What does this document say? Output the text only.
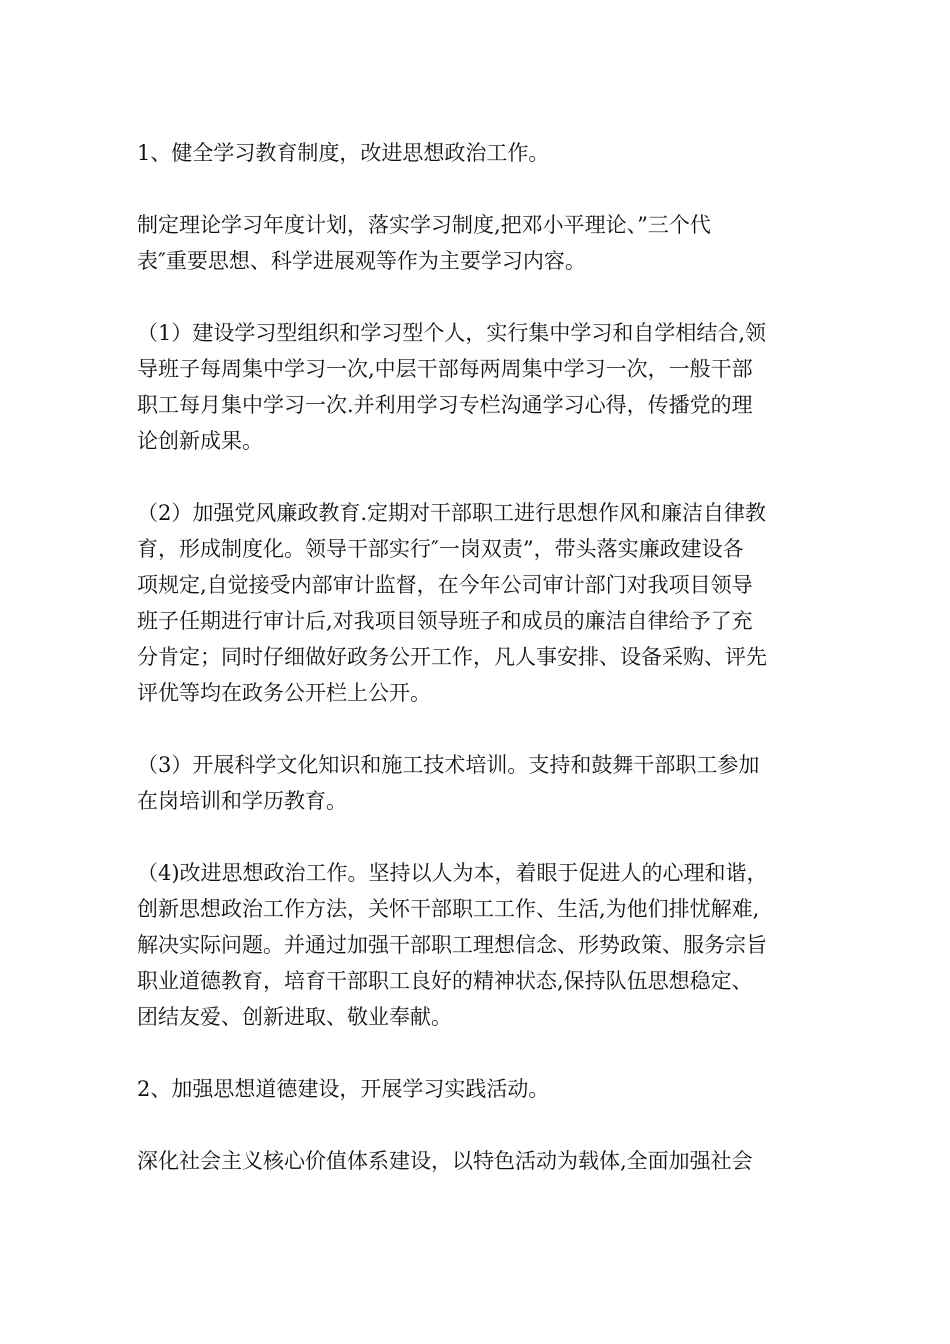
1、健全学习教育制度，改进思想政治工作。

制定理论学习年度计划，落实学习制度,把邓小平理论、”三个代
表″重要思想、科学进展观等作为主要学习内容。

（1）建设学习型组织和学习型个人，实行集中学习和自学相结合,领
导班子每周集中学习一次,中层干部每两周集中学习一次，一般干部
职工每月集中学习一次.并利用学习专栏沟通学习心得，传播党的理
论创新成果。

（2）加强党风廉政教育.定期对干部职工进行思想作风和廉洁自律教
育，形成制度化。领导干部实行″一岗双责”，带头落实廉政建设各
项规定,自觉接受内部审计监督，在今年公司审计部门对我项目领导
班子任期进行审计后,对我项目领导班子和成员的廉洁自律给予了充
分肯定；同时仔细做好政务公开工作，凡人事安排、设备采购、评先
评优等均在政务公开栏上公开。

（3）开展科学文化知识和施工技术培训。支持和鼓舞干部职工参加
在岗培训和学历教育。

（4)改进思想政治工作。坚持以人为本，着眼于促进人的心理和谐，
创新思想政治工作方法，关怀干部职工工作、生活,为他们排忧解难,
解决实际问题。并通过加强干部职工理想信念、形势政策、服务宗旨
职业道德教育，培育干部职工良好的精神状态,保持队伍思想稳定、
团结友爱、创新进取、敬业奉献。

2、加强思想道德建设，开展学习实践活动。

深化社会主义核心价值体系建设，以特色活动为载体,全面加强社会
